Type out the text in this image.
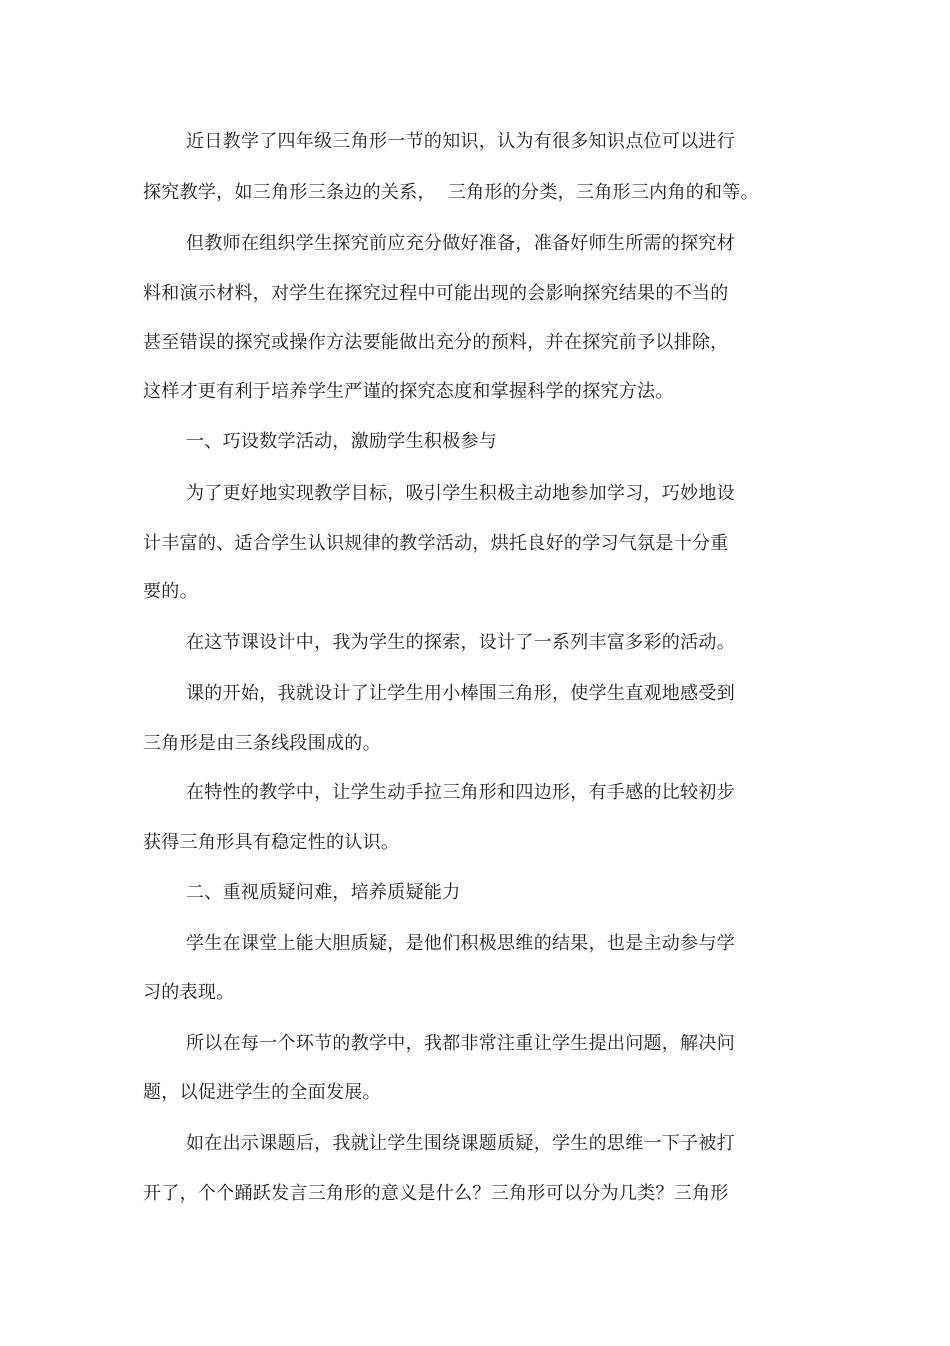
近日教学了四年级三角形一节的知识，认为有很多知识点位可以进行
探究教学，如三角形三条边的关系，  三角形的分类，三角形三内角的和等。
但教师在组织学生探究前应充分做好准备，准备好师生所需的探究材
料和演示材料，对学生在探究过程中可能出现的会影响探究结果的不当的
甚至错误的探究或操作方法要能做出充分的预料，并在探究前予以排除，
这样才更有利于培养学生严谨的探究态度和掌握科学的探究方法。
一、巧设数学活动，激励学生积极参与
为了更好地实现教学目标，吸引学生积极主动地参加学习，巧妙地设
计丰富的、适合学生认识规律的教学活动，烘托良好的学习气氛是十分重
要的。
在这节课设计中，我为学生的探索，设计了一系列丰富多彩的活动。
课的开始，我就设计了让学生用小棒围三角形，使学生直观地感受到
三角形是由三条线段围成的。
在特性的教学中，让学生动手拉三角形和四边形，有手感的比较初步
获得三角形具有稳定性的认识。
二、重视质疑问难，培养质疑能力
学生在课堂上能大胆质疑，是他们积极思维的结果，也是主动参与学
习的表现。
所以在每一个环节的教学中，我都非常注重让学生提出问题，解决问
题，以促进学生的全面发展。
如在出示课题后，我就让学生围绕课题质疑，学生的思维一下子被打
开了，个个踊跃发言三角形的意义是什么？三角形可以分为几类？三角形
